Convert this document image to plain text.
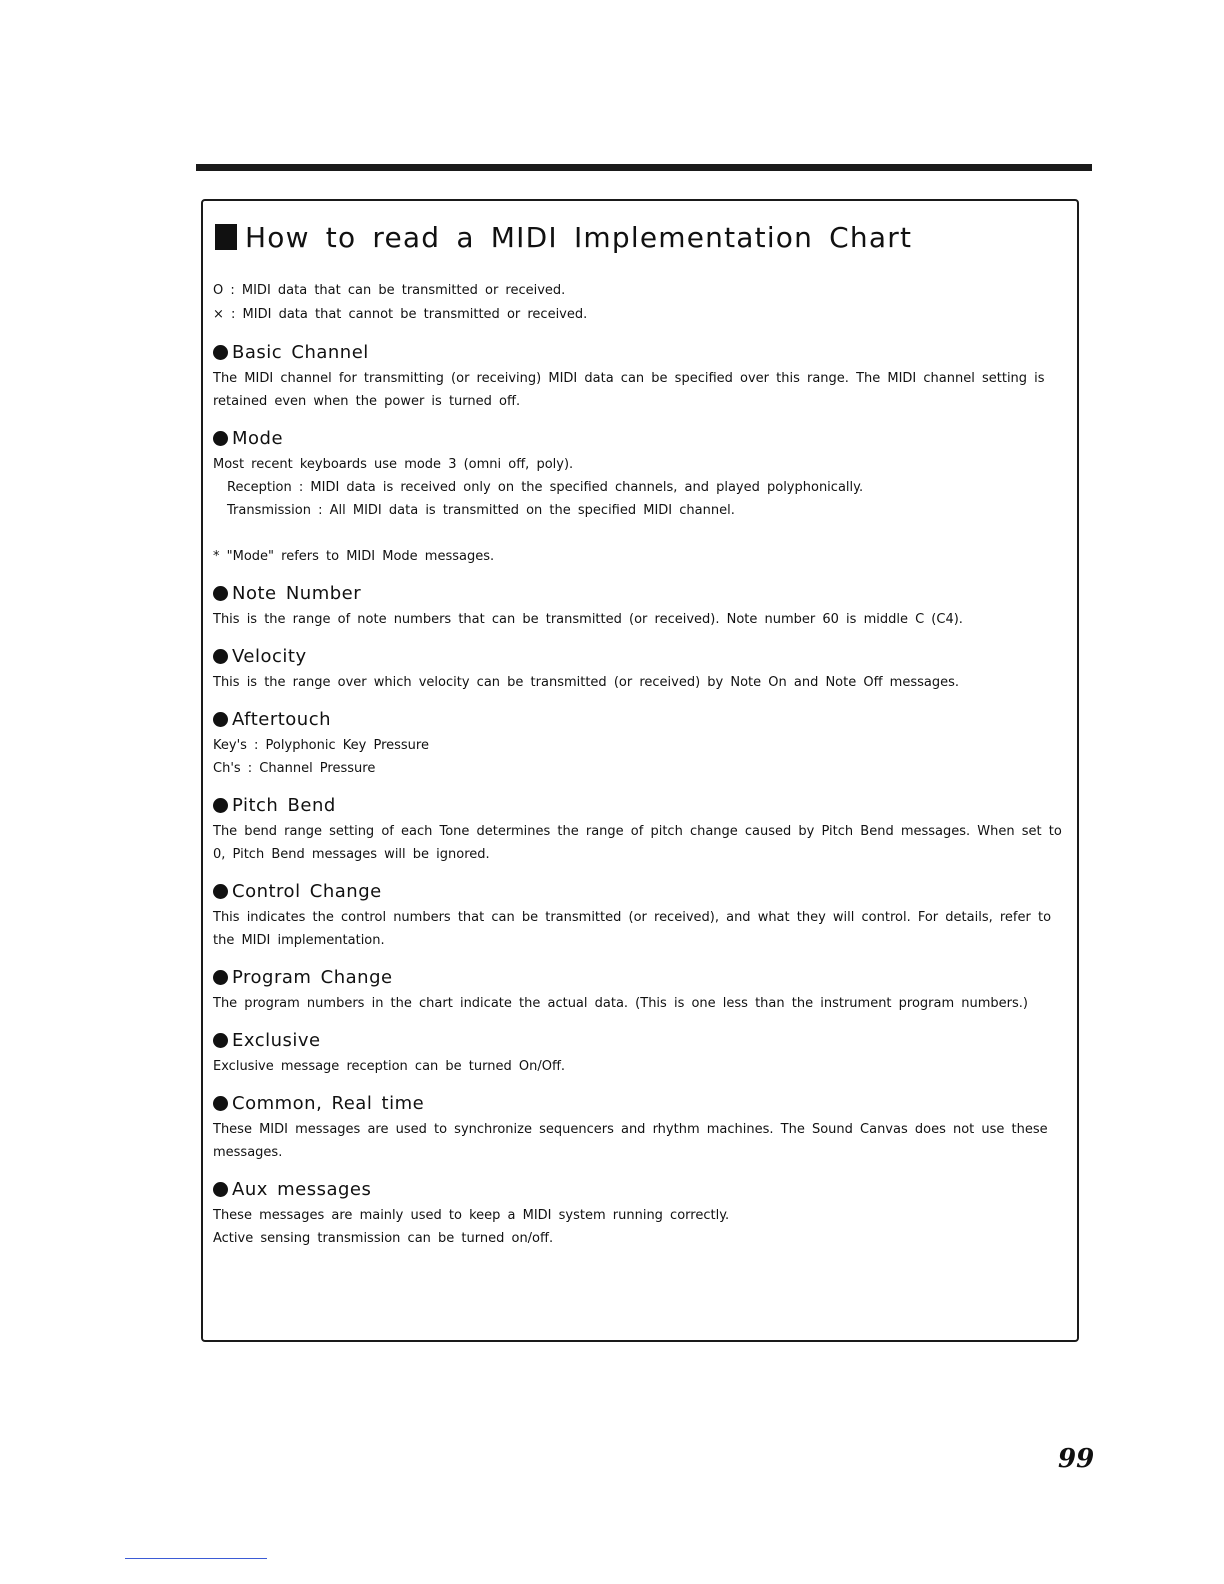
How to read a MIDI Implementation Chart
O : MIDI data that can be transmitted or received.
× : MIDI data that cannot be transmitted or received.
Basic Channel

The MIDI channel for transmitting (or receiving) MIDI data can be specified over this range. The MIDI channel setting is retained even when the power is turned off.

Mode

Most recent keyboards use mode 3 (omni off, poly).

Reception : MIDI data is received only on the specified channels, and played polyphonically.

Transmission : All MIDI data is transmitted on the specified MIDI channel.

* "Mode" refers to MIDI Mode messages.

Note Number

This is the range of note numbers that can be transmitted (or received). Note number 60 is middle C (C4).

Velocity

This is the range over which velocity can be transmitted (or received) by Note On and Note Off messages.

Aftertouch

Key's : Polyphonic Key Pressure

Ch's : Channel Pressure

Pitch Bend

The bend range setting of each Tone determines the range of pitch change caused by Pitch Bend messages. When set to 0, Pitch Bend messages will be ignored.

Control Change

This indicates the control numbers that can be transmitted (or received), and what they will control. For details, refer to the MIDI implementation.

Program Change

The program numbers in the chart indicate the actual data. (This is one less than the instrument program numbers.)

Exclusive

Exclusive message reception can be turned On/Off.

Common, Real time

These MIDI messages are used to synchronize sequencers and rhythm machines. The Sound Canvas does not use these messages.

Aux messages

These messages are mainly used to keep a MIDI system running correctly.

Active sensing transmission can be turned on/off.

99
